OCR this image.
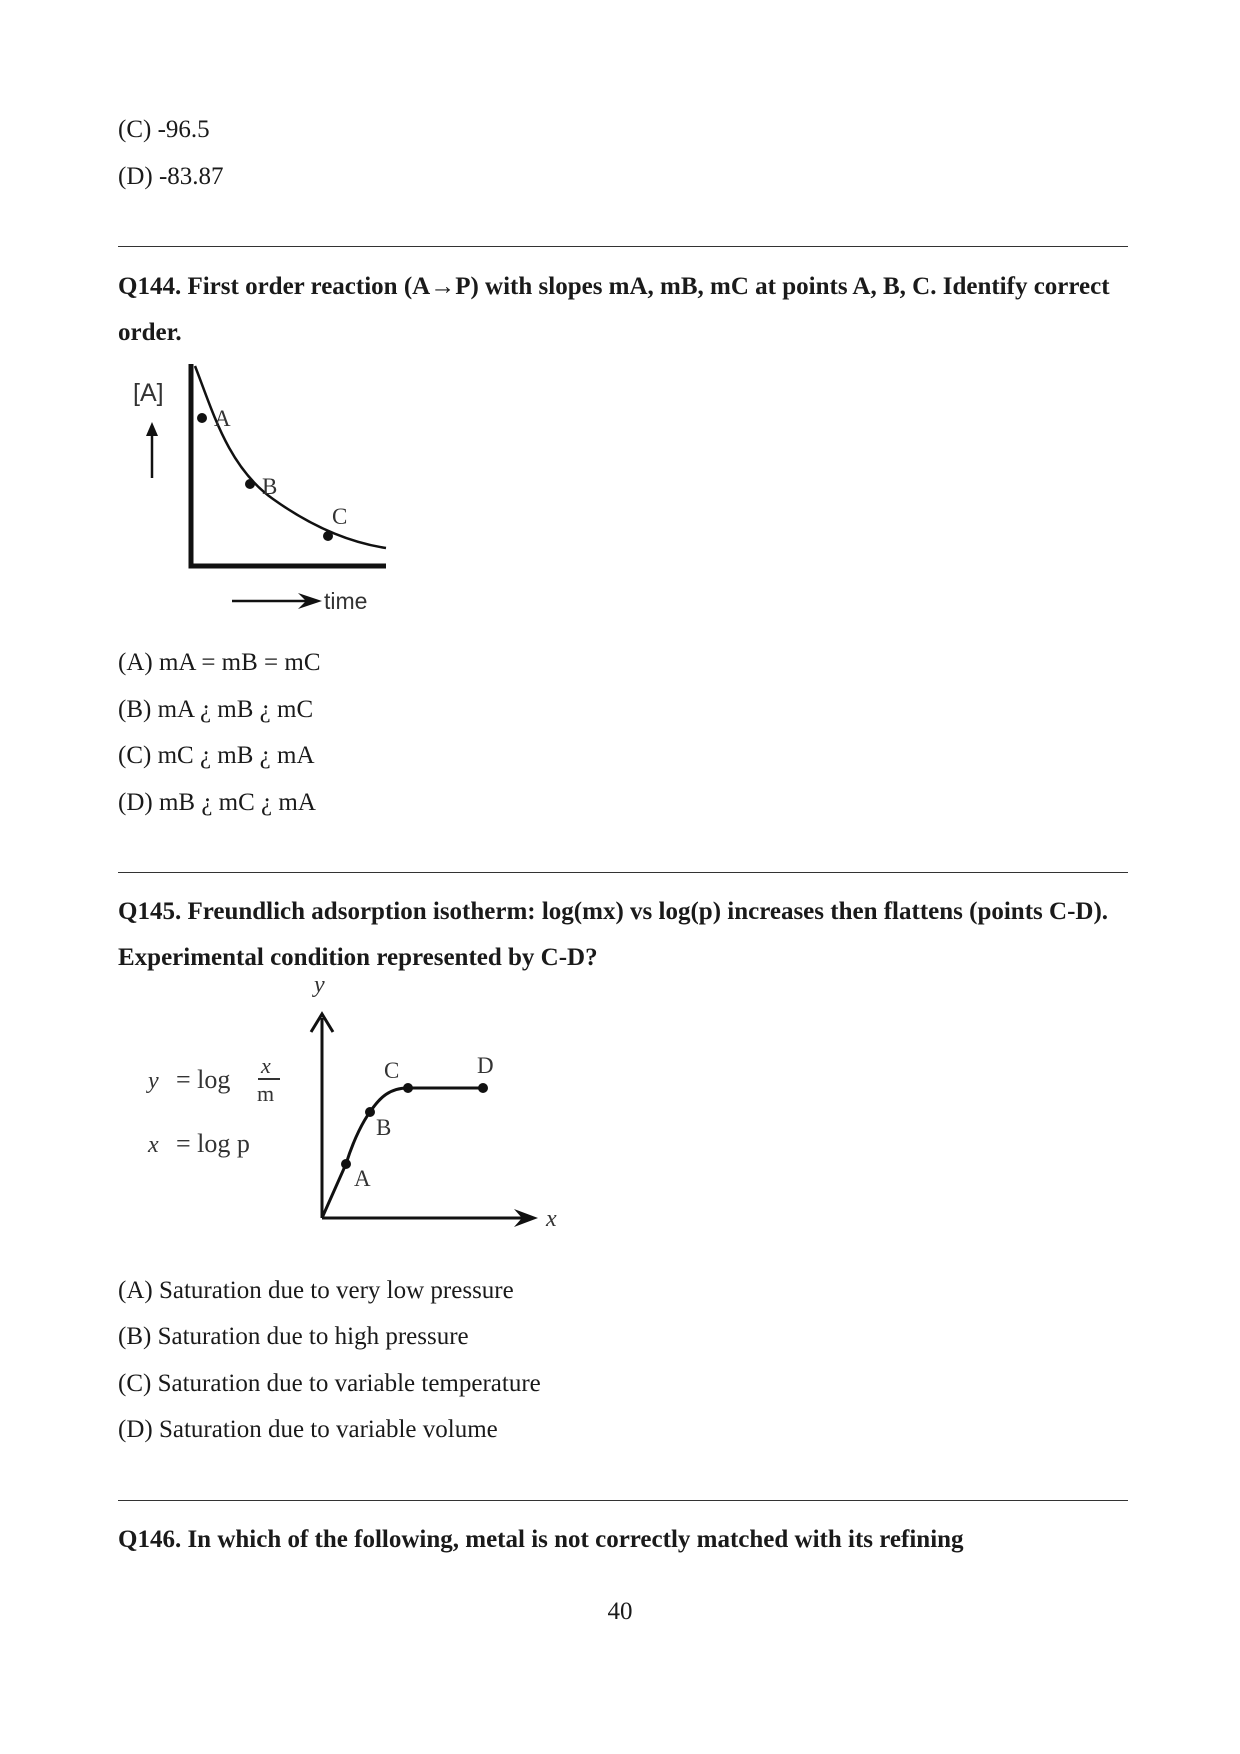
(C) -96.5
(D) -83.87
Q144. First order reaction (A→P) with slopes mA, mB, mC at points A, B, C. Identify correct order.
[A]
A
B
C
time
(A) mA = mB = mC
(B) mA ¿ mB ¿ mC
(C) mC ¿ mB ¿ mA
(D) mB ¿ mC ¿ mA
Q145. Freundlich adsorption isotherm: log(mx) vs log(p) increases then flattens (points C-D). Experimental condition represented by C-D?
y = log x
m
x = log p
y
x
A
B
C	D
(A) Saturation due to very low pressure
(B) Saturation due to high pressure
(C) Saturation due to variable temperature
(D) Saturation due to variable volume
Q146. In which of the following, metal is not correctly matched with its refining
40
